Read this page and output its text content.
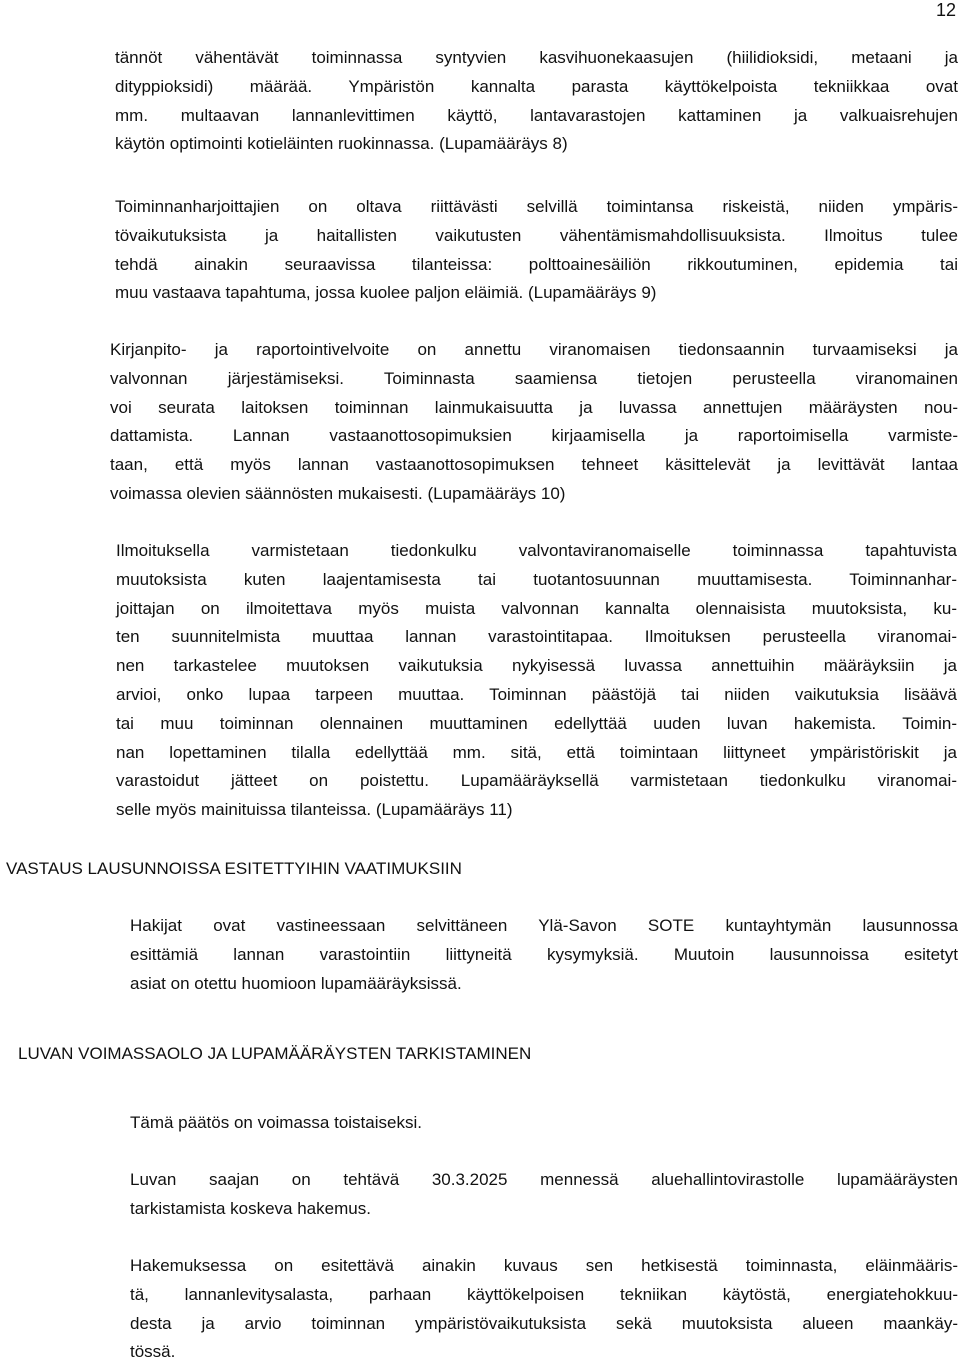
12
tännöt vähentävät toiminnassa syntyvien kasvihuonekaasujen (hiilidioksidi, metaani ja
dityppioksidi) määrää. Ympäristön kannalta parasta käyttökelpoista tekniikkaa ovat
mm. multaavan lannanlevittimen käyttö, lantavarastojen kattaminen ja valkuaisrehujen
käytön optimointi kotieläinten ruokinnassa. (Lupamääräys 8)
Toiminnanharjoittajien on oltava riittävästi selvillä toimintansa riskeistä, niiden ympäris-
tövaikutuksista ja haitallisten vaikutusten vähentämismahdollisuuksista. Ilmoitus tulee
tehdä ainakin seuraavissa tilanteissa: polttoainesäiliön rikkoutuminen, epidemia tai
muu vastaava tapahtuma, jossa kuolee paljon eläimiä. (Lupamääräys 9)
Kirjanpito- ja raportointivelvoite on annettu viranomaisen tiedonsaannin turvaamiseksi ja
valvonnan järjestämiseksi. Toiminnasta saamiensa tietojen perusteella viranomainen
voi seurata laitoksen toiminnan lainmukaisuutta ja luvassa annettujen määräysten nou-
dattamista. Lannan vastaanottosopimuksien kirjaamisella ja raportoimisella varmiste-
taan, että myös lannan vastaanottosopimuksen tehneet käsittelevät ja levittävät lantaa
voimassa olevien säännösten mukaisesti. (Lupamääräys 10)
Ilmoituksella varmistetaan tiedonkulku valvontaviranomaiselle toiminnassa tapahtuvista
muutoksista kuten laajentamisesta tai tuotantosuunnan muuttamisesta. Toiminnanhar-
joittajan on ilmoitettava myös muista valvonnan kannalta olennaisista muutoksista, ku-
ten suunnitelmista muuttaa lannan varastointitapaa. Ilmoituksen perusteella viranomai-
nen tarkastelee muutoksen vaikutuksia nykyisessä luvassa annettuihin määräyksiin ja
arvioi, onko lupaa tarpeen muuttaa. Toiminnan päästöjä tai niiden vaikutuksia lisäävä
tai muu toiminnan olennainen muuttaminen edellyttää uuden luvan hakemista. Toimin-
nan lopettaminen tilalla edellyttää mm. sitä, että toimintaan liittyneet ympäristöriskit ja
varastoidut jätteet on poistettu. Lupamääräyksellä varmistetaan tiedonkulku viranomai-
selle myös mainituissa tilanteissa. (Lupamääräys 11)
VASTAUS LAUSUNNOISSA ESITETTYIHIN VAATIMUKSIIN
Hakijat ovat vastineessaan selvittäneen Ylä-Savon SOTE kuntayhtymän lausunnossa
esittämiä lannan varastointiin liittyneitä kysymyksiä. Muutoin lausunnoissa esitetyt
asiat on otettu huomioon lupamääräyksissä.
LUVAN VOIMASSAOLO JA LUPAMÄÄRÄYSTEN TARKISTAMINEN
Tämä päätös on voimassa toistaiseksi.
Luvan saajan on tehtävä 30.3.2025 mennessä aluehallintovirastolle lupamääräysten
tarkistamista koskeva hakemus.
Hakemuksessa on esitettävä ainakin kuvaus sen hetkisestä toiminnasta, eläinmääris-
tä, lannanlevitysalasta, parhaan käyttökelpoisen tekniikan käytöstä, energiatehokkuu-
desta ja arvio toiminnan ympäristövaikutuksista sekä muutoksista alueen maankäy-
tössä.
